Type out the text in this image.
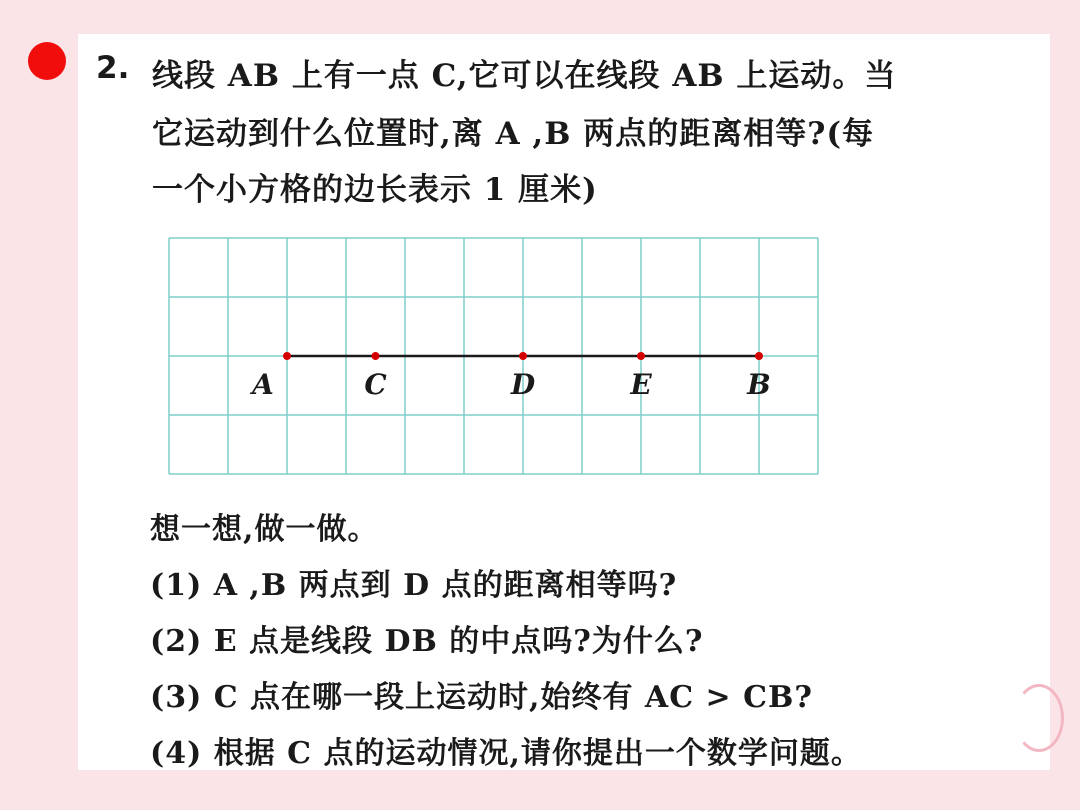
2. 线段 AB 上有一点 C,它可以在线段 AB 上运动。当
它运动到什么位置时,离 A ,B 两点的距离相等?(每
一个小方格的边长表示 1 厘米)
A	C	D	E	B
想一想,做一做。
(1) A ,B 两点到 D 点的距离相等吗?
(2) E 点是线段 DB 的中点吗?为什么?
(3) C 点在哪一段上运动时,始终有 AC > CB?
(4) 根据 C 点的运动情况,请你提出一个数学问题。
